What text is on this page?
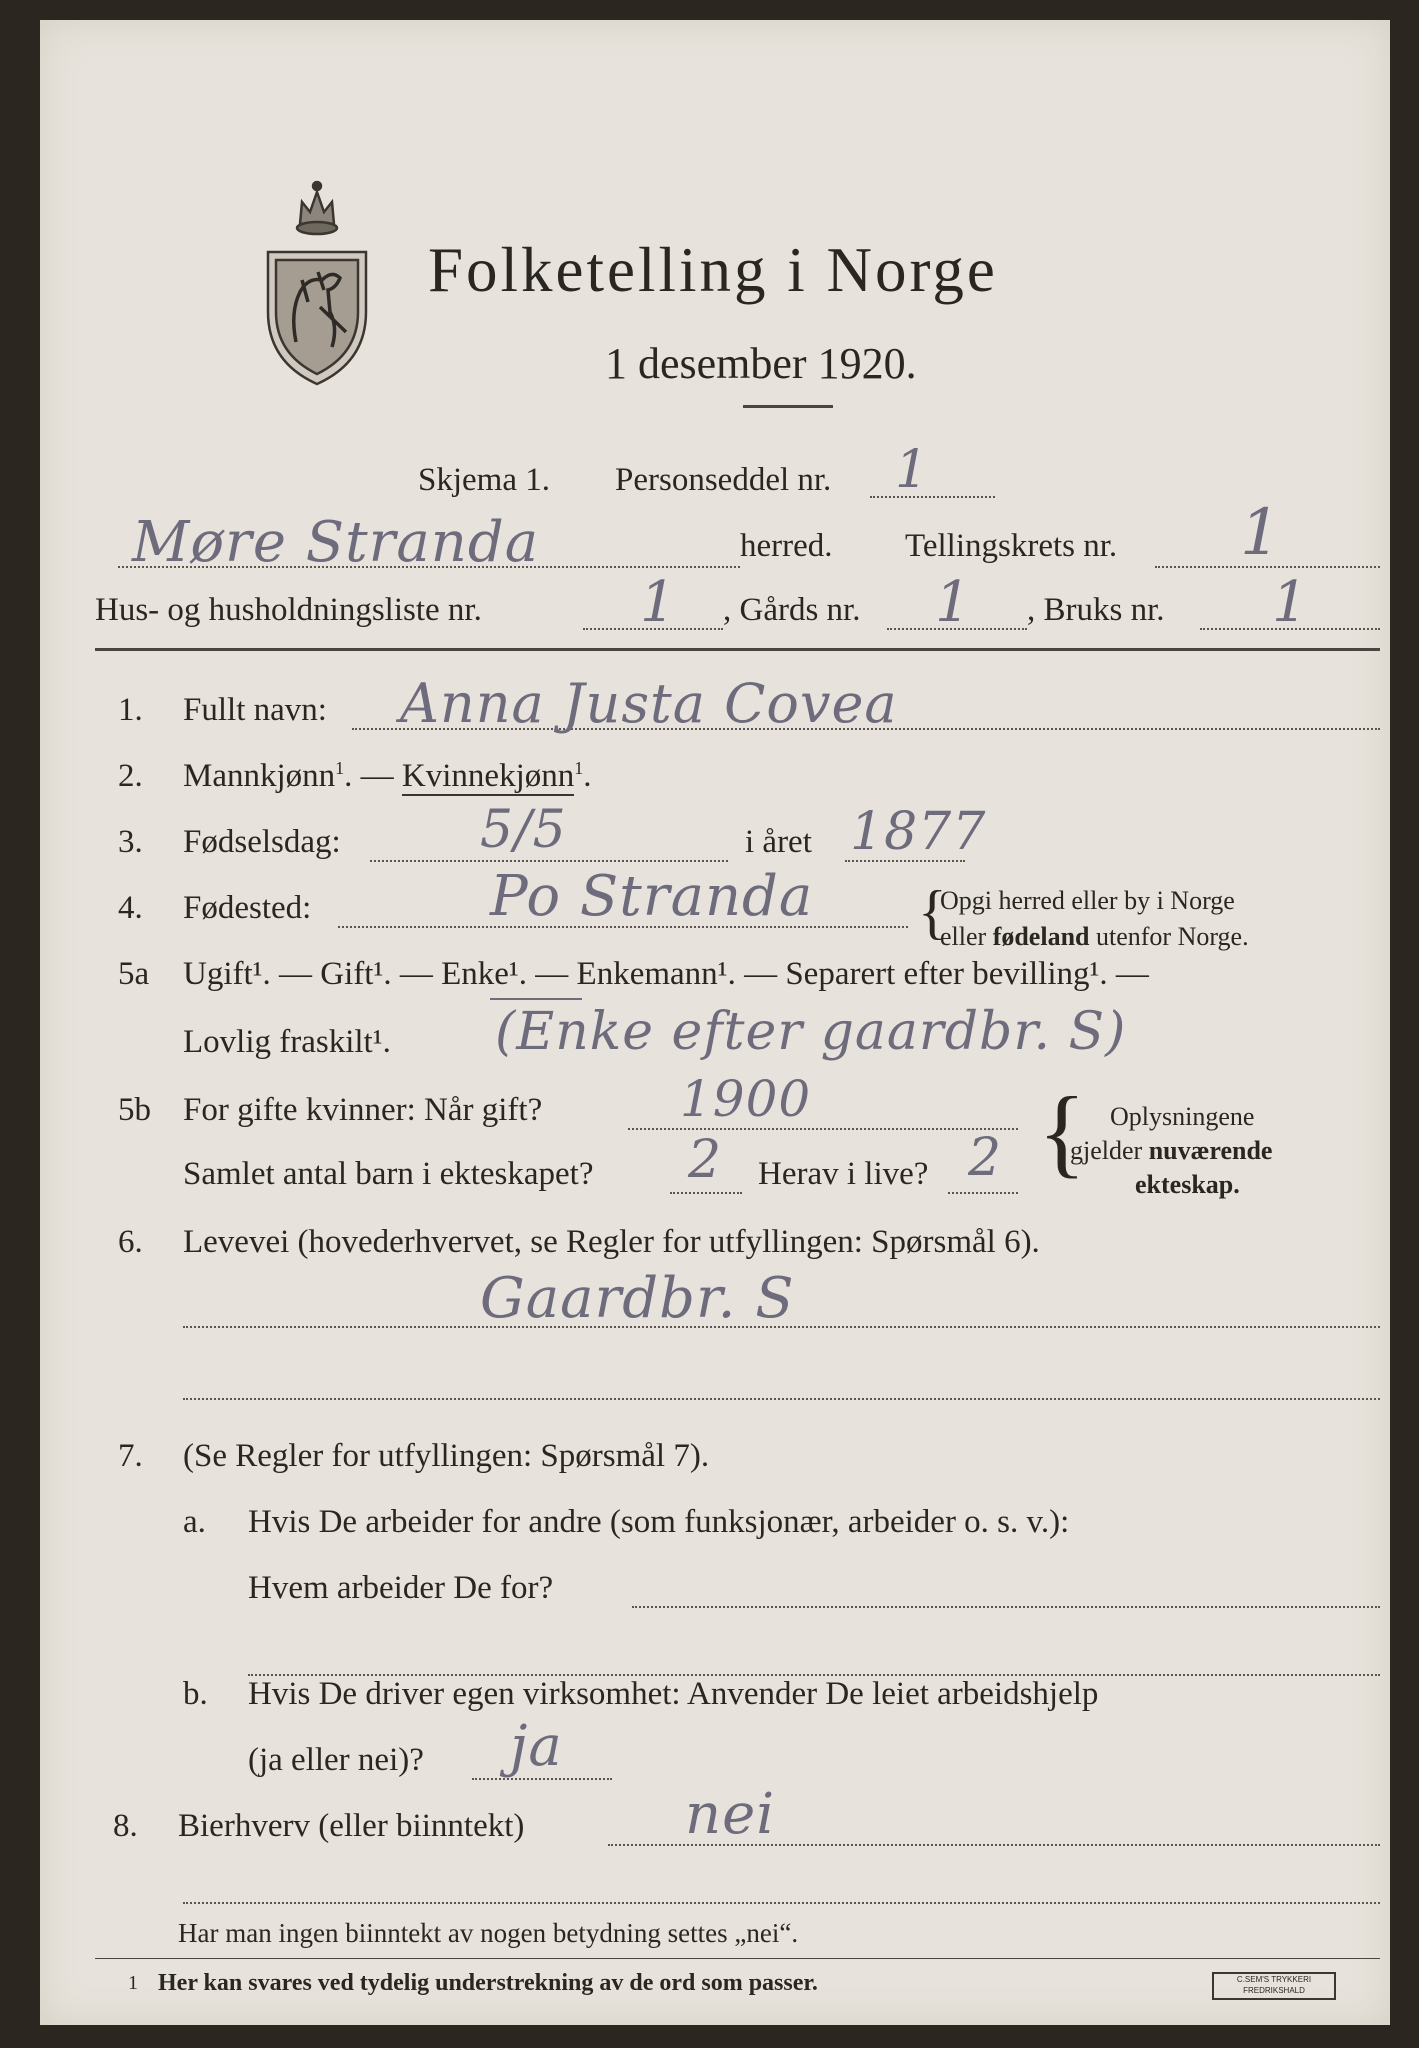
Folketelling i Norge
1 desember 1920.
Skjema 1. Personseddel nr. 1
Møre Stranda	herred. Tellingskrets nr. 1
Hus- og husholdningsliste nr.	1 , Gårds nr. 1 , Bruks nr. 1
1. Fullt navn: Anna Justa Covea
2. Mannkjønn$^1$. — Kvinnekjønn$^1$.
3. Fødselsdag:	5/5	i året 1877
4. Fødested:	Po Stranda {
Opgi herred eller by i Norge
eller fødeland utenfor Norge.
5a Ugift¹. — Gift¹. — Enke¹. — Enkemann¹. — Separert efter bevilling¹. —
Lovlig fraskilt¹. (Enke efter gaardbr. S)
5b For gifte kvinner: Når gift?	1900
Samlet antal barn i ekteskapet? 2 Herav i live? 2 { Oplysningene
gjelder nuværende
ekteskap.
6. Levevei (hovederhvervet, se Regler for utfyllingen: Spørsmål 6).
Gaardbr. S
7. (Se Regler for utfyllingen: Spørsmål 7).
a. Hvis De arbeider for andre (som funksjonær, arbeider o. s. v.):
Hvem arbeider De for?
b. Hvis De driver egen virksomhet: Anvender De leiet arbeidshjelp
(ja eller nei)? ja
8. Bierhverv (eller biinntekt)	nei
Har man ingen biinntekt av nogen betydning settes „nei“.
1 Her kan svares ved tydelig understrekning av de ord som passer.	C.SEM'S TRYKKERI
FREDRIKSHALD
